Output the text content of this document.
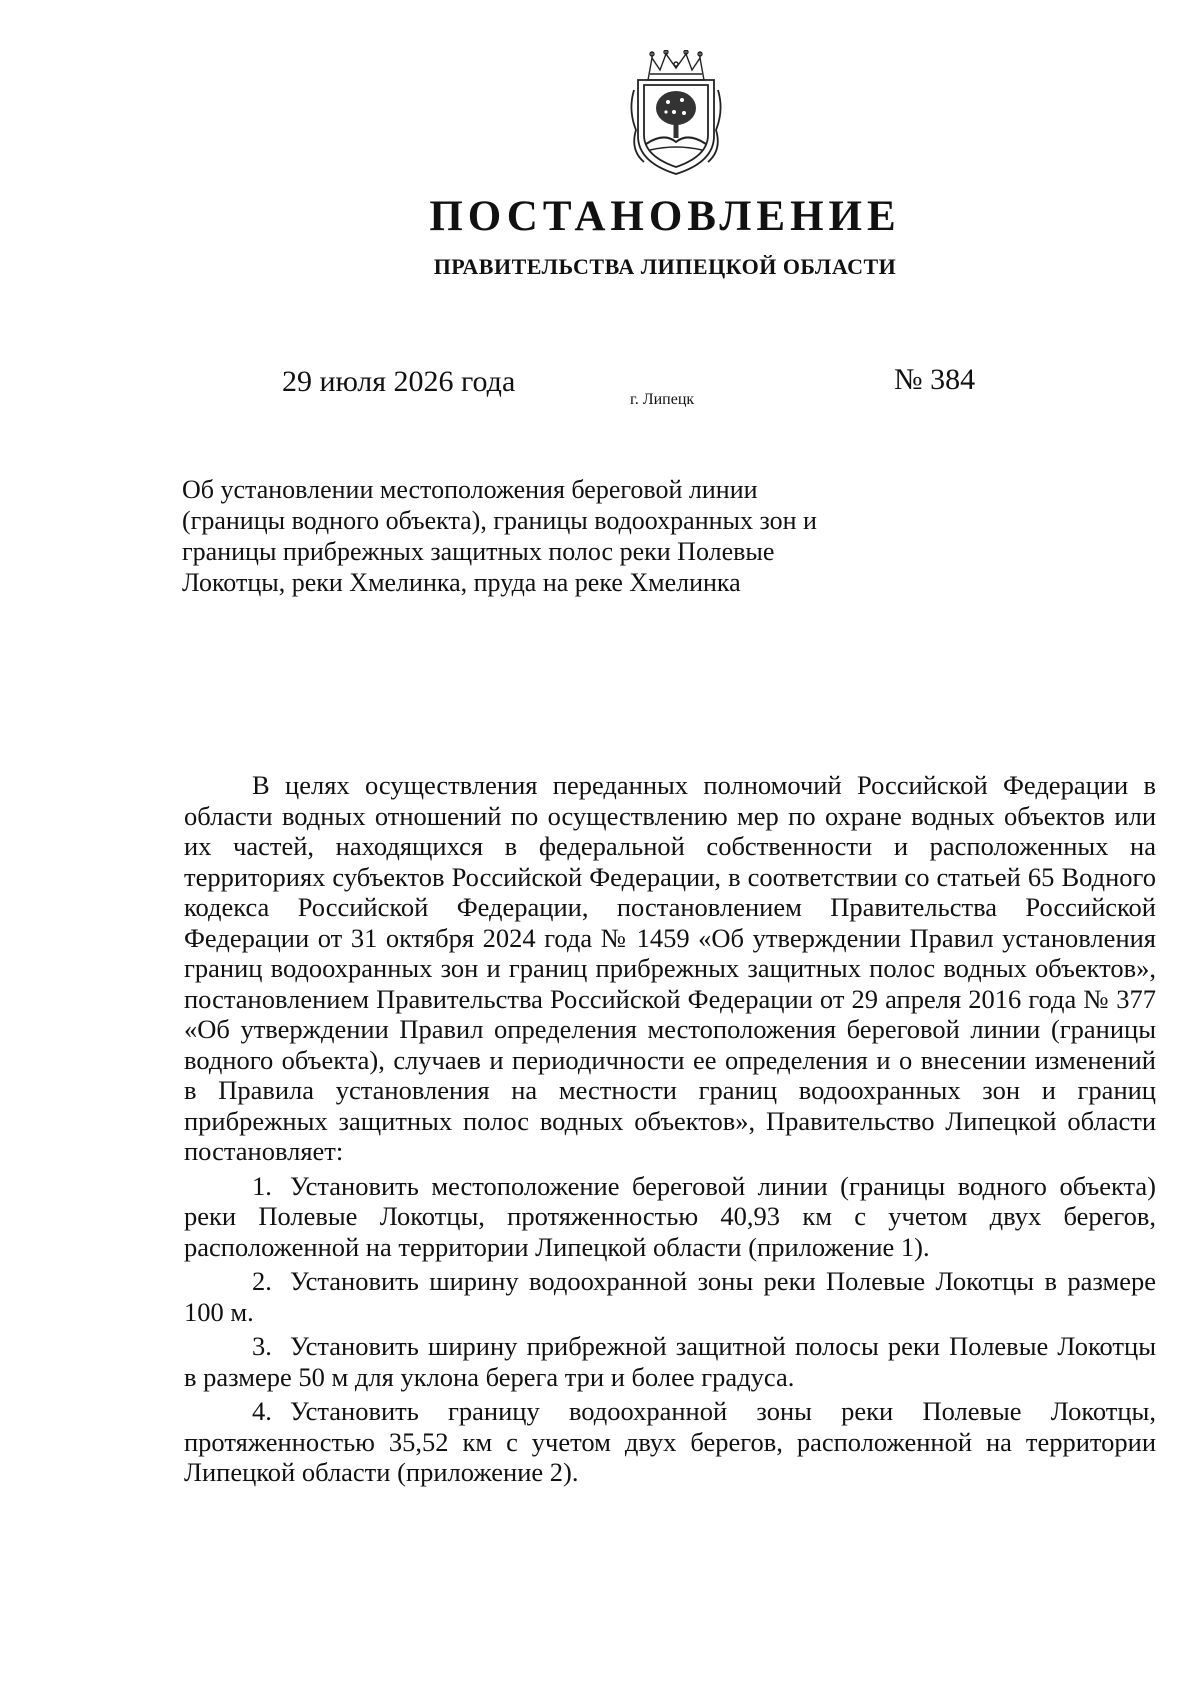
ПОСТАНОВЛЕНИЕ
ПРАВИТЕЛЬСТВА ЛИПЕЦКОЙ ОБЛАСТИ
29 июля 2026 года
г. Липецк
№ 384
Об установлении местоположения береговой линии (границы водного объекта), границы водоохранных зон и границы прибрежных защитных полос реки Полевые Локотцы, реки Хмелинка, пруда на реке Хмелинка

В целях осуществления переданных полномочий Российской Федерации в области водных отношений по осуществлению мер по охране водных объектов или их частей, находящихся в федеральной собственности и расположенных на территориях субъектов Российской Федерации, в соответствии со статьей 65 Водного кодекса Российской Федерации, постановлением Правительства Российской Федерации от 31 октября 2024 года № 1459 «Об утверждении Правил установления границ водоохранных зон и границ прибрежных защитных полос водных объектов», постановлением Правительства Российской Федерации от 29 апреля 2016 года № 377 «Об утверждении Правил определения местоположения береговой линии (границы водного объекта), случаев и периодичности ее определения и о внесении изменений в Правила установления на местности границ водоохранных зон и границ прибрежных защитных полос водных объектов», Правительство Липецкой области постановляет:

1. Установить местоположение береговой линии (границы водного объекта) реки Полевые Локотцы, протяженностью 40,93 км с учетом двух берегов, расположенной на территории Липецкой области (приложение 1).

2. Установить ширину водоохранной зоны реки Полевые Локотцы в размере 100 м.

3. Установить ширину прибрежной защитной полосы реки Полевые Локотцы в размере 50 м для уклона берега три и более градуса.

4. Установить границу водоохранной зоны реки Полевые Локотцы, протяженностью 35,52 км с учетом двух берегов, расположенной на территории Липецкой области (приложение 2).
